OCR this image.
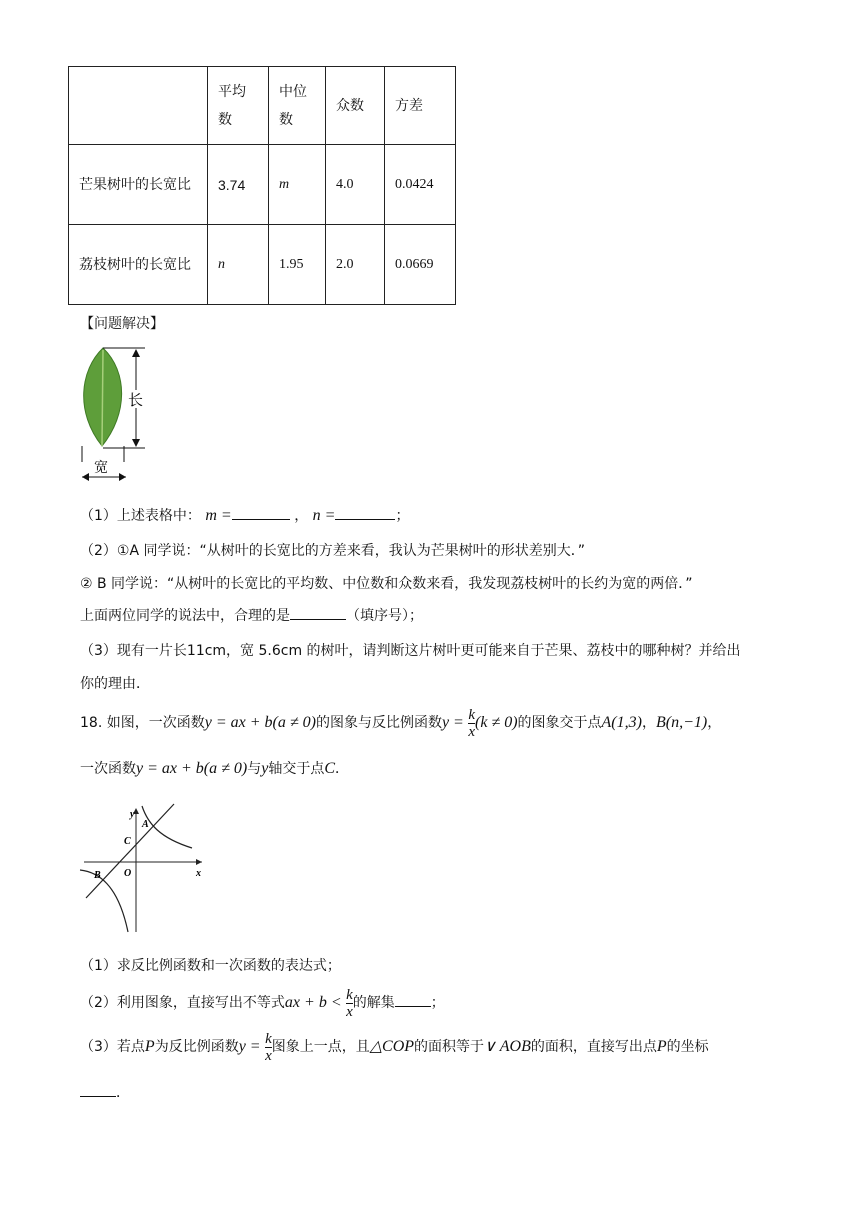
	平均数	中位数	众数	方差
芒果树叶的长宽比	3.74	m	4.0	0.0424
荔枝树叶的长宽比	n	1.95	2.0	0.0669
【问题解决】
长
宽
（1）上述表格中： m =	， n =	；
（2）①A 同学说：“从树叶的长宽比的方差来看，我认为芒果树叶的形状差别大．”
② B 同学说：“从树叶的长宽比的平均数、中位数和众数来看，我发现荔枝树叶的长约为宽的两倍．”
上面两位同学的说法中，合理的是	（填序号）；
（3）现有一片长11cm，宽 5.6cm 的树叶，请判断这片树叶更可能来自于芒果、荔枝中的哪种树？并给出
你的理由．
18. 如图，一次函数y = ax + b(a ≠ 0)的图象与反比例函数$y = \frac{k}{x} (k \ne 0)$的图象交于点A(1,3)，B(n,−1)，
一次函数y = ax + b(a ≠ 0)与y轴交于点C．
y
x
A
C
O
B
（1）求反比例函数和一次函数的表达式；
（2）利用图象，直接写出不等式ax + $b < \frac{k}{x}$ 的解集	；
（3）若点P为反比例函数$y = \frac{k}{x}$ 图象上一点，且△COP的面积等于∨ AOB的面积，直接写出点P的坐标
．
